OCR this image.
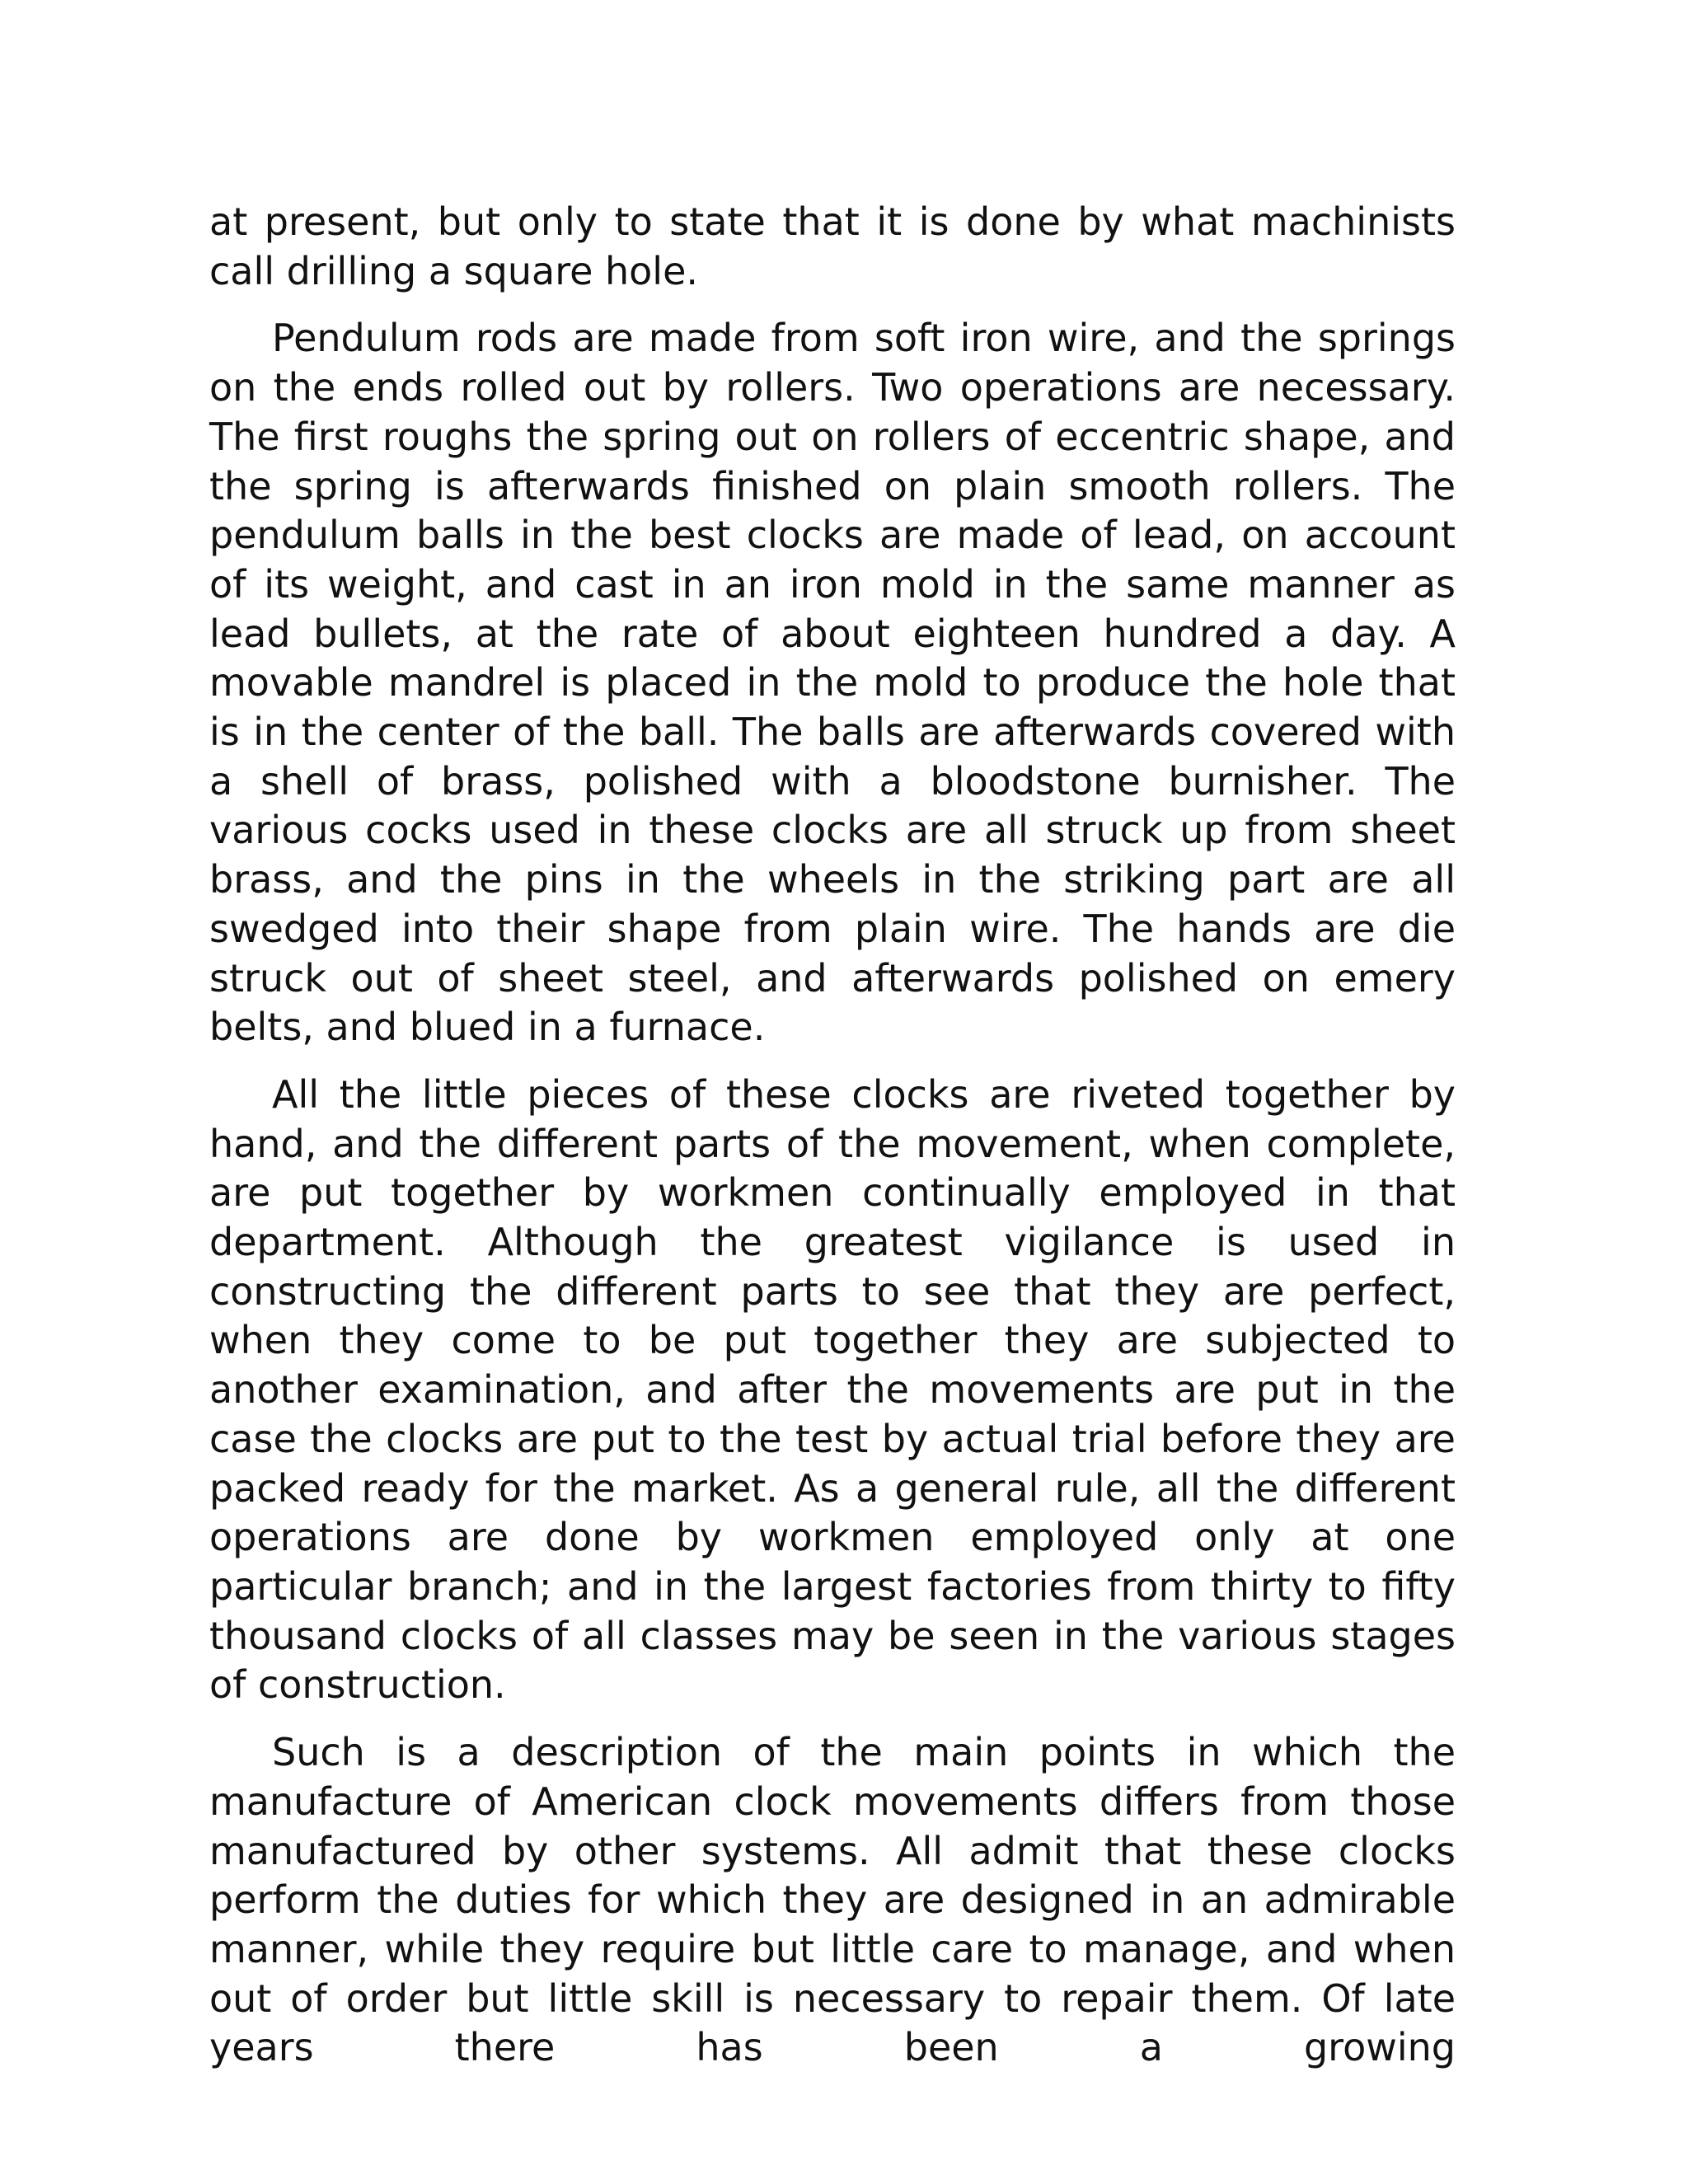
at present, but only to state that it is done by what machinists call drilling a square hole.

Pendulum rods are made from soft iron wire, and the springs on the ends rolled out by rollers. Two operations are necessary. The first roughs the spring out on rollers of eccentric shape, and the spring is afterwards finished on plain smooth rollers. The pendulum balls in the best clocks are made of lead, on account of its weight, and cast in an iron mold in the same manner as lead bullets, at the rate of about eighteen hundred a day. A movable mandrel is placed in the mold to produce the hole that is in the center of the ball. The balls are afterwards covered with a shell of brass, polished with a bloodstone burnisher. The various cocks used in these clocks are all struck up from sheet brass, and the pins in the wheels in the striking part are all swedged into their shape from plain wire. The hands are die struck out of sheet steel, and afterwards polished on emery belts, and blued in a furnace.

All the little pieces of these clocks are riveted together by hand, and the different parts of the movement, when complete, are put together by workmen continually employed in that department. Although the greatest vigilance is used in constructing the different parts to see that they are perfect, when they come to be put together they are subjected to another examination, and after the movements are put in the case the clocks are put to the test by actual trial before they are packed ready for the market. As a general rule, all the different operations are done by workmen employed only at one particular branch; and in the largest factories from thirty to fifty thousand clocks of all classes may be seen in the various stages of construction.

Such is a description of the main points in which the manufacture of American clock movements differs from those manufactured by other systems. All admit that these clocks perform the duties for which they are designed in an admirable manner, while they require but little care to manage, and when out of order but little skill is necessary to repair them. Of late years there has been a growing
